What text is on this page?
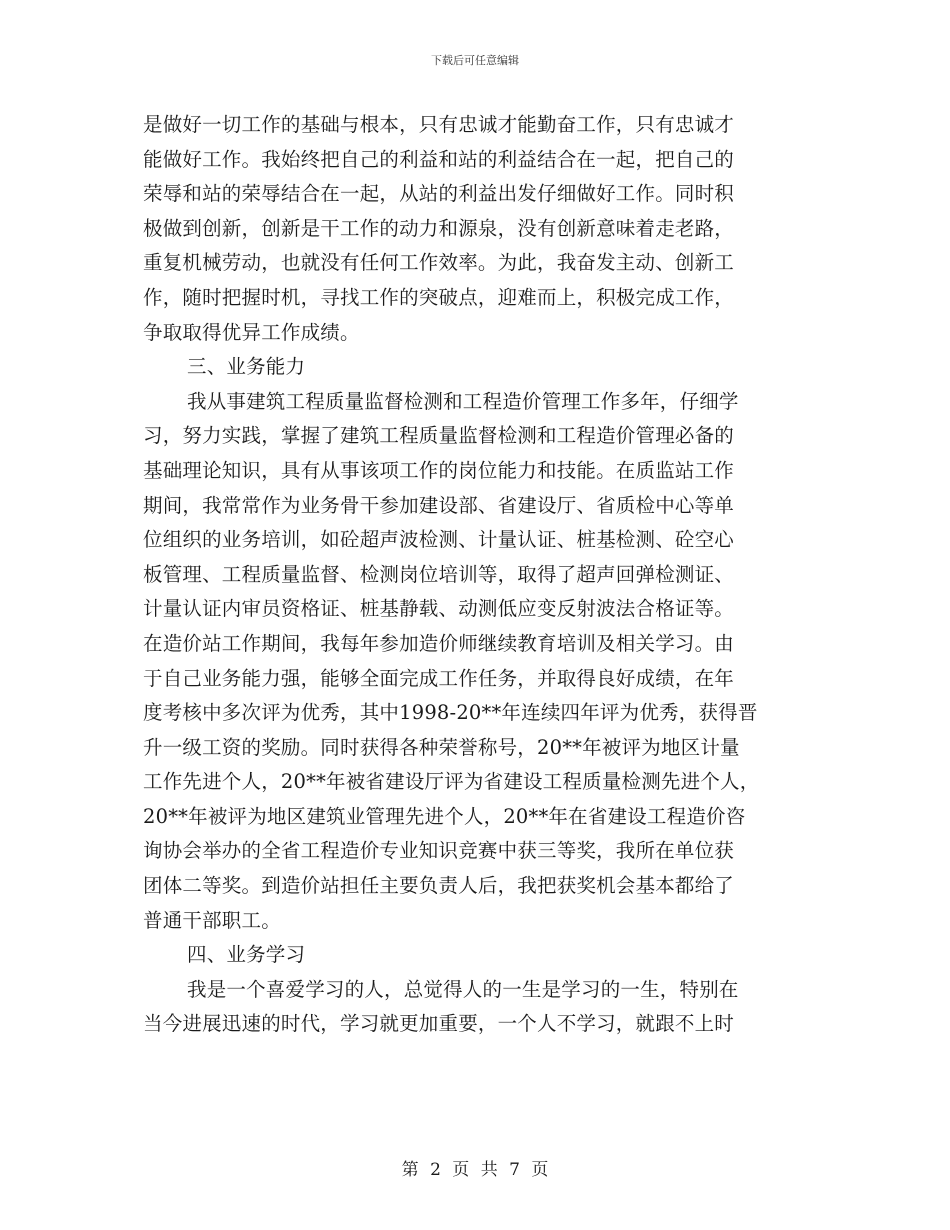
下载后可任意编辑
是做好一切工作的基础与根本，只有忠诚才能勤奋工作，只有忠诚才
能做好工作。我始终把自己的利益和站的利益结合在一起，把自己的
荣辱和站的荣辱结合在一起，从站的利益出发仔细做好工作。同时积
极做到创新，创新是干工作的动力和源泉，没有创新意味着走老路，
重复机械劳动，也就没有任何工作效率。为此，我奋发主动、创新工
作，随时把握时机，寻找工作的突破点，迎难而上，积极完成工作，
争取取得优异工作成绩。
三、业务能力
我从事建筑工程质量监督检测和工程造价管理工作多年，仔细学
习，努力实践，掌握了建筑工程质量监督检测和工程造价管理必备的
基础理论知识，具有从事该项工作的岗位能力和技能。在质监站工作
期间，我常常作为业务骨干参加建设部、省建设厅、省质检中心等单
位组织的业务培训，如砼超声波检测、计量认证、桩基检测、砼空心
板管理、工程质量监督、检测岗位培训等，取得了超声回弹检测证、
计量认证内审员资格证、桩基静载、动测低应变反射波法合格证等。
在造价站工作期间，我每年参加造价师继续教育培训及相关学习。由
于自己业务能力强，能够全面完成工作任务，并取得良好成绩，在年
度考核中多次评为优秀，其中1998-20**年连续四年评为优秀，获得晋
升一级工资的奖励。同时获得各种荣誉称号，20**年被评为地区计量
工作先进个人，20**年被省建设厅评为省建设工程质量检测先进个人，
20**年被评为地区建筑业管理先进个人，20**年在省建设工程造价咨
询协会举办的全省工程造价专业知识竞赛中获三等奖，我所在单位获
团体二等奖。到造价站担任主要负责人后，我把获奖机会基本都给了
普通干部职工。
四、业务学习
我是一个喜爱学习的人，总觉得人的一生是学习的一生，特别在
当今进展迅速的时代，学习就更加重要，一个人不学习，就跟不上时
第 2 页 共 7 页
